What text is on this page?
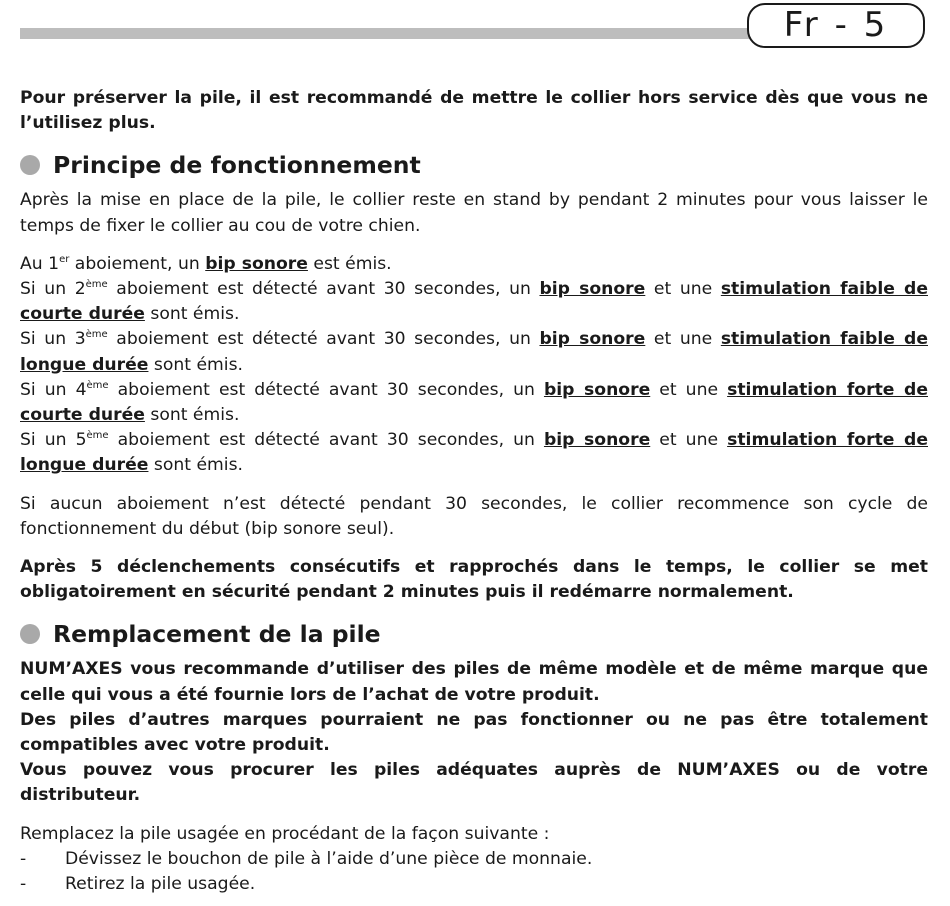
Fr - 5

Pour préserver la pile, il est recommandé de mettre le collier hors service dès que vous ne l’utilisez plus.

Principe de fonctionnement

Après la mise en place de la pile, le collier reste en stand by pendant 2 minutes pour vous laisser le temps de fixer le collier au cou de votre chien.

Au 1er aboiement, un bip sonore est émis.

Si un 2ème aboiement est détecté avant 30 secondes, un bip sonore et une stimulation faible de courte durée sont émis.

Si un 3ème aboiement est détecté avant 30 secondes, un bip sonore et une stimulation faible de longue durée sont émis.

Si un 4ème aboiement est détecté avant 30 secondes, un bip sonore et une stimulation forte de courte durée sont émis.

Si un 5ème aboiement est détecté avant 30 secondes, un bip sonore et une stimulation forte de longue durée sont émis.

Si aucun aboiement n’est détecté pendant 30 secondes, le collier recommence son cycle de fonctionnement du début (bip sonore seul).

Après 5 déclenchements consécutifs et rapprochés dans le temps, le collier se met obligatoirement en sécurité pendant 2 minutes puis il redémarre normalement.

Remplacement de la pile

NUM’AXES vous recommande d’utiliser des piles de même modèle et de même marque que celle qui vous a été fournie lors de l’achat de votre produit.

Des piles d’autres marques pourraient ne pas fonctionner ou ne pas être totalement compatibles avec votre produit.

Vous pouvez vous procurer les piles adéquates auprès de NUM’AXES ou de votre distributeur.

Remplacez la pile usagée en procédant de la façon suivante :

-	Dévissez le bouchon de pile à l’aide d’une pièce de monnaie.
-	Retirez la pile usagée.
